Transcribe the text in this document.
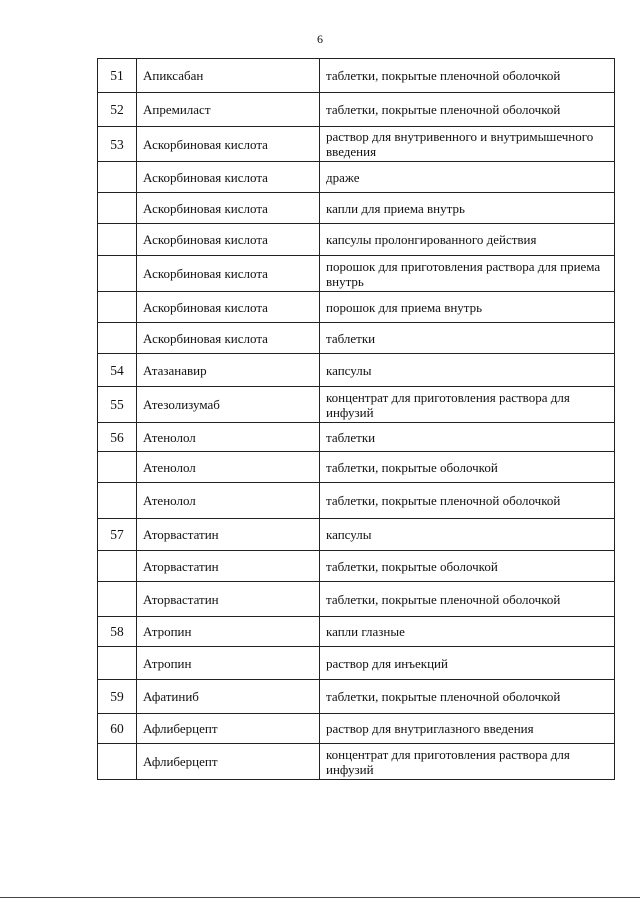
6
51	Апиксабан	таблетки, покрытые пленочной оболочкой
52	Апремиласт	таблетки, покрытые пленочной оболочкой
53	Аскорбиновая кислота	раствор для внутривенного и внутримышечного введения
	Аскорбиновая кислота	драже
	Аскорбиновая кислота	капли для приема внутрь
	Аскорбиновая кислота	капсулы пролонгированного действия
	Аскорбиновая кислота	порошок для приготовления раствора для приема внутрь
	Аскорбиновая кислота	порошок для приема внутрь
	Аскорбиновая кислота	таблетки
54	Атазанавир	капсулы
55	Атезолизумаб	концентрат для приготовления раствора для инфузий
56	Атенолол	таблетки
	Атенолол	таблетки, покрытые оболочкой
	Атенолол	таблетки, покрытые пленочной оболочкой
57	Аторвастатин	капсулы
	Аторвастатин	таблетки, покрытые оболочкой
	Аторвастатин	таблетки, покрытые пленочной оболочкой
58	Атропин	капли глазные
	Атропин	раствор для инъекций
59	Афатиниб	таблетки, покрытые пленочной оболочкой
60	Афлиберцепт	раствор для внутриглазного введения
	Афлиберцепт	концентрат для приготовления раствора для инфузий
